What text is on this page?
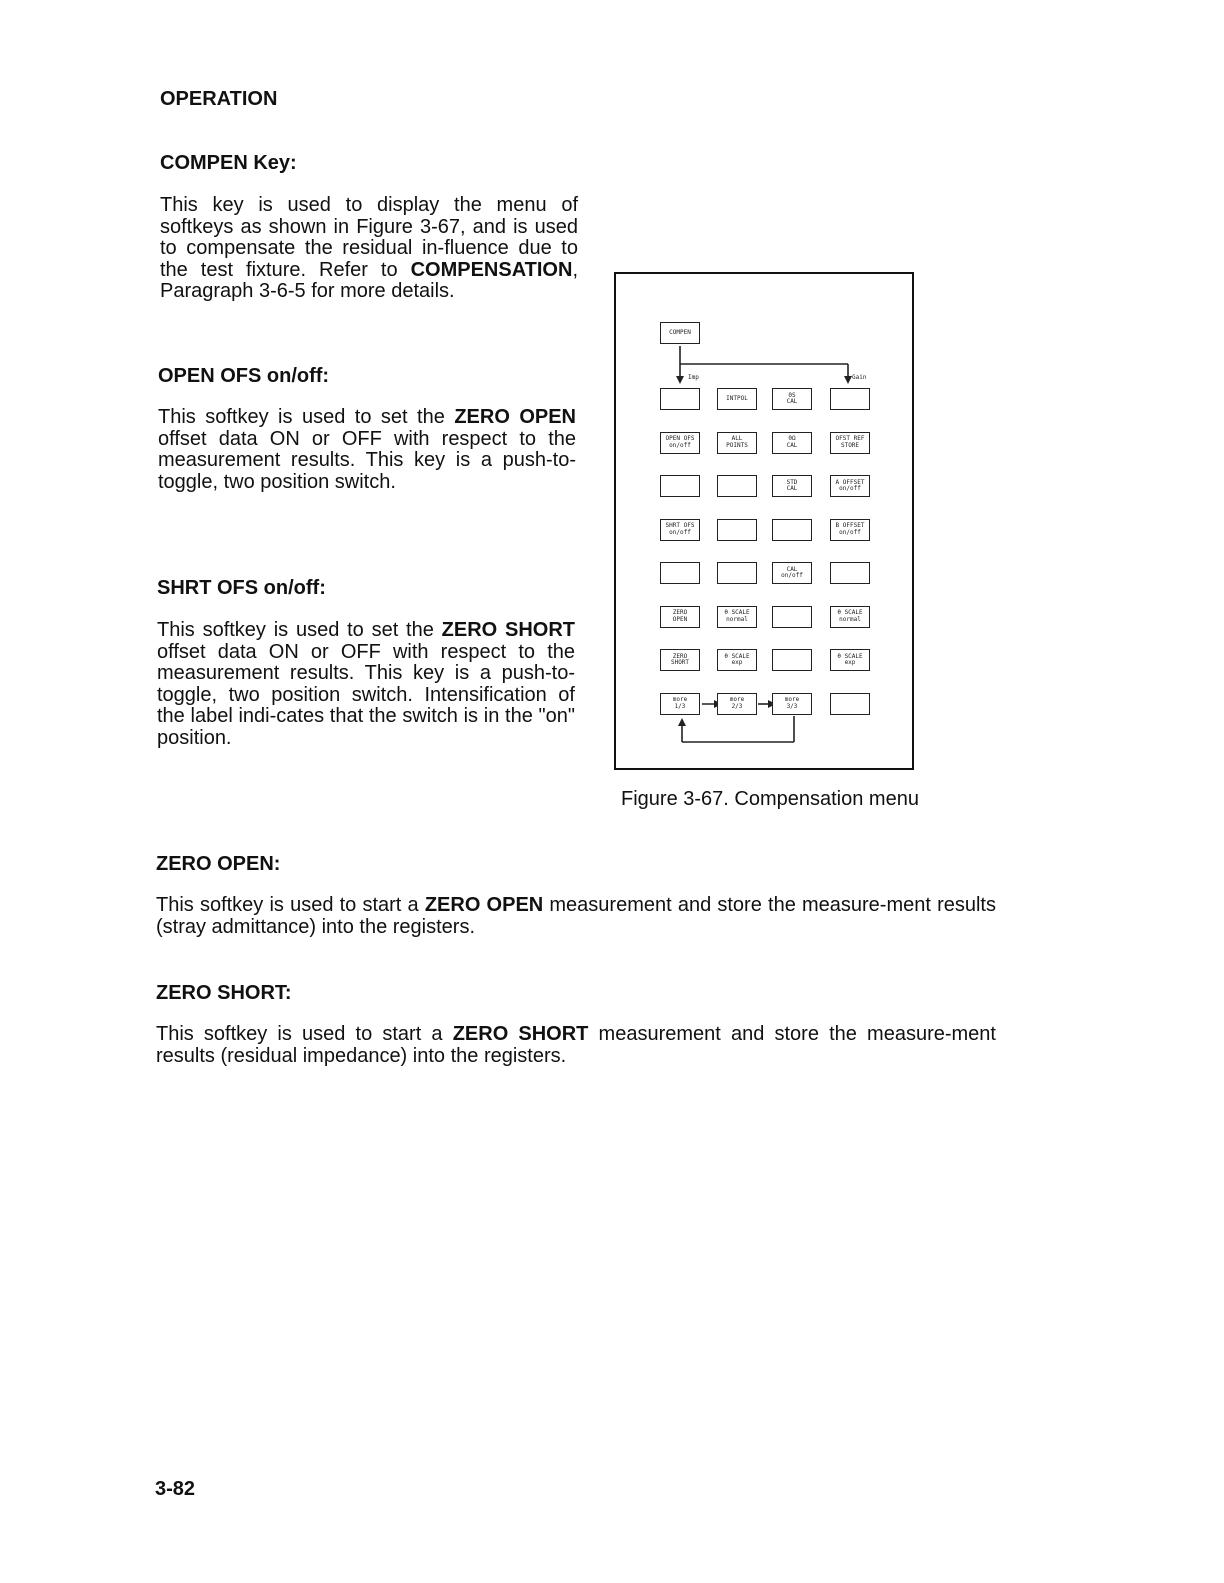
OPERATION
COMPEN Key:

This key is used to display the menu of softkeys as shown in Figure 3-67, and is used to compensate the residual in-fluence due to the test fixture. Refer to COMPENSATION, Paragraph 3-6-5 for more details.

OPEN OFS on/off:

This softkey is used to set the ZERO OPEN offset data ON or OFF with respect to the measurement results. This key is a push-to-toggle, two position switch.

SHRT OFS on/off:

This softkey is used to set the ZERO SHORT offset data ON or OFF with respect to the measurement results. This key is a push-to-toggle, two position switch. Intensification of the label indi-cates that the switch is in the "on" position.

COMPEN
Imp	Gain
INTPOL	0S
CAL
OPEN OFS
on/off
ALL
POINTS
0Ω
CAL
OFST REF
STORE
STD
CAL
A OFFSET
on/off
SHRT OFS
on/off
B OFFSET
on/off
CAL
on/off
ZERO
OPEN
θ SCALE
normal
θ SCALE
normal
ZERO
SHORT
θ SCALE
exp
θ SCALE
exp
more
1/3
more
2/3
more
3/3
Figure 3-67. Compensation menu
ZERO OPEN:

This softkey is used to start a ZERO OPEN measurement and store the measure-ment results (stray admittance) into the registers.

ZERO SHORT:

This softkey is used to start a ZERO SHORT measurement and store the measure-ment results (residual impedance) into the registers.

3-82
